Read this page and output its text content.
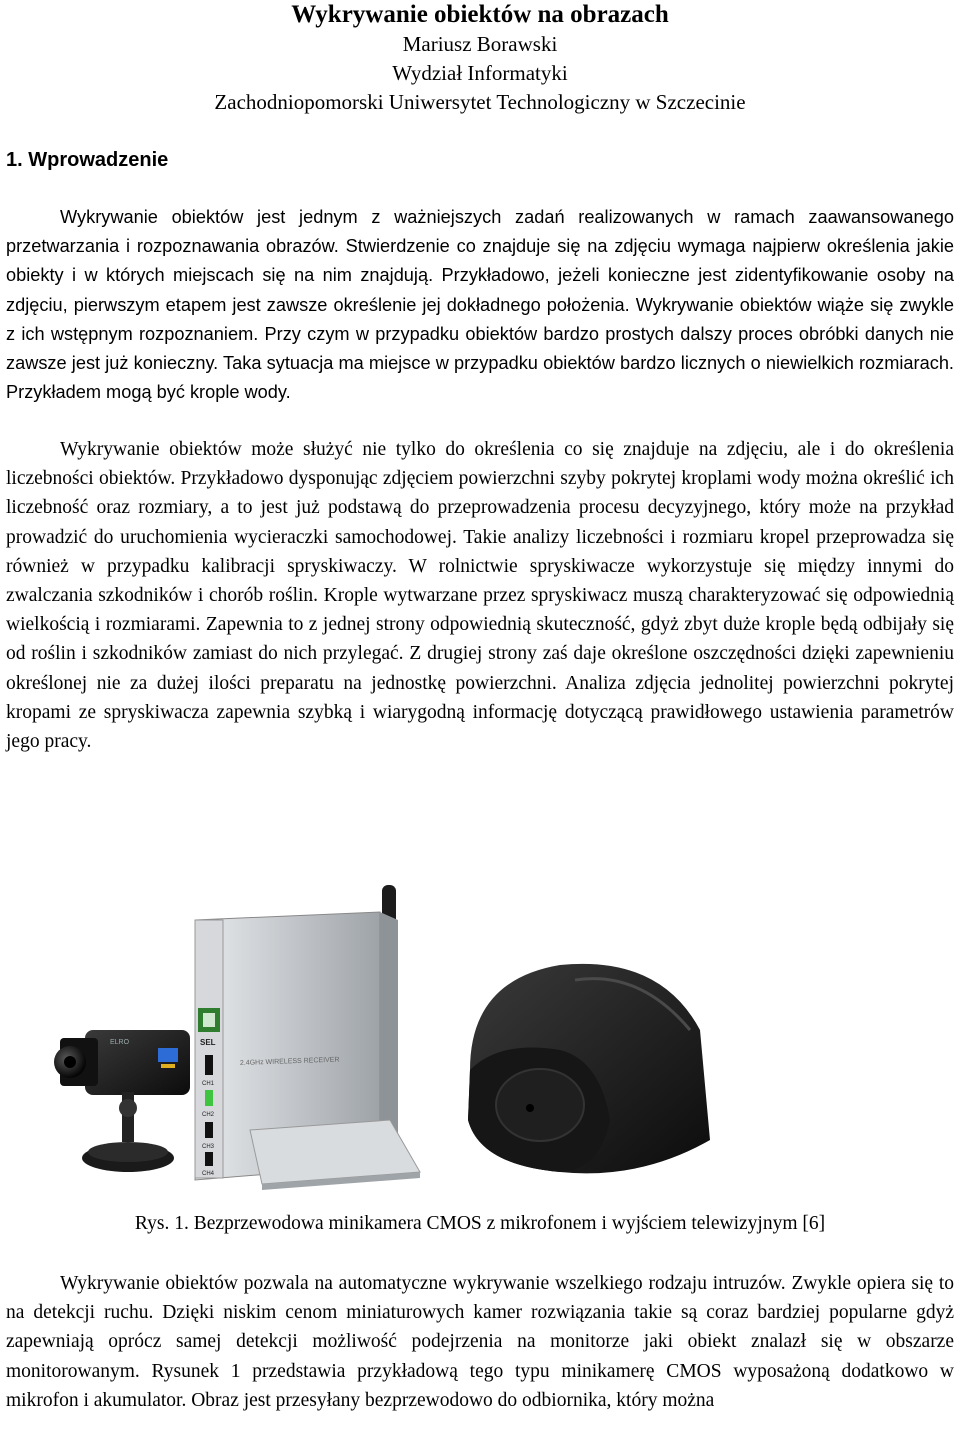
Wykrywanie obiektów na obrazach
Mariusz Borawski
Wydział Informatyki
Zachodniopomorski Uniwersytet Technologiczny w Szczecinie
1. Wprowadzenie

Wykrywanie obiektów jest jednym z ważniejszych zadań realizowanych w ramach zaawansowanego przetwarzania i rozpoznawania obrazów. Stwierdzenie co znajduje się na zdjęciu wymaga najpierw określenia jakie obiekty i w których miejscach się na nim znajdują. Przykładowo, jeżeli konieczne jest zidentyfikowanie osoby na zdjęciu, pierwszym etapem jest zawsze określenie jej dokładnego położenia. Wykrywanie obiektów wiąże się zwykle z ich wstępnym rozpoznaniem. Przy czym w przypadku obiektów bardzo prostych dalszy proces obróbki danych nie zawsze jest już konieczny. Taka sytuacja ma miejsce w przypadku obiektów bardzo licznych o niewielkich rozmiarach. Przykładem mogą być krople wody.

Wykrywanie obiektów może służyć nie tylko do określenia co się znajduje na zdjęciu, ale i do określenia liczebności obiektów. Przykładowo dysponując zdjęciem powierzchni szyby pokrytej kroplami wody można określić ich liczebność oraz rozmiary, a to jest już podstawą do przeprowadzenia procesu decyzyjnego, który może na przykład prowadzić do uruchomienia wycieraczki samochodowej. Takie analizy liczebności i rozmiaru kropel przeprowadza się również w przypadku kalibracji spryskiwaczy. W rolnictwie spryskiwacze wykorzystuje się między innymi do zwalczania szkodników i chorób roślin. Krople wytwarzane przez spryskiwacz muszą charakteryzować się odpowiednią wielkością i rozmiarami. Zapewnia to z jednej strony odpowiednią skuteczność, gdyż zbyt duże krople będą odbijały się od roślin i szkodników zamiast do nich przylegać. Z drugiej strony zaś daje określone oszczędności dzięki zapewnieniu określonej nie za dużej ilości preparatu na jednostkę powierzchni. Analiza zdjęcia jednolitej powierzchni pokrytej kropami ze spryskiwacza zapewnia szybką i wiarygodną informację dotyczącą prawidłowego ustawienia parametrów jego pracy.

ELRO	SEL
CH1
CH2
CH3
CH4
2.4GHz WIRELESS RECEIVER
Rys. 1. Bezprzewodowa minikamera CMOS z mikrofonem i wyjściem telewizyjnym [6]

Wykrywanie obiektów pozwala na automatyczne wykrywanie wszelkiego rodzaju intruzów. Zwykle opiera się to na detekcji ruchu. Dzięki niskim cenom miniaturowych kamer rozwiązania takie są coraz bardziej popularne gdyż zapewniają oprócz samej detekcji możliwość podejrzenia na monitorze jaki obiekt znalazł się w obszarze monitorowanym. Rysunek 1 przedstawia przykładową tego typu minikamerę CMOS wyposażoną dodatkowo w mikrofon i akumulator. Obraz jest przesyłany bezprzewodowo do odbiornika, który można
